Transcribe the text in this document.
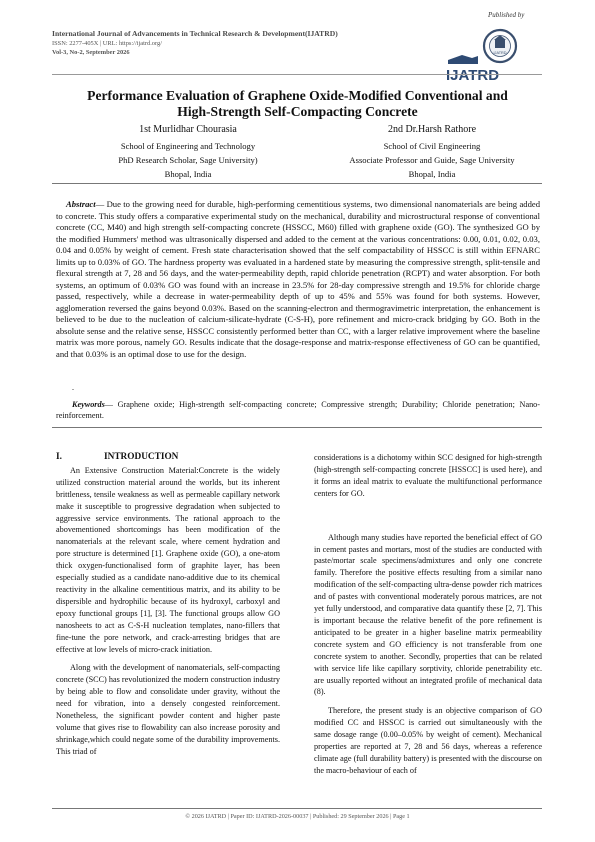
International Journal of Advancements in Technical Research & Development(IJATRD)
ISSN: 2277-405X | URL: https://ijatrd.org/
Vol-3, No-2, September 2026
Published by
IJATRD
IJATRD
Performance Evaluation of Graphene Oxide-Modified Conventional and
High-Strength Self-Compacting Concrete
1st Murlidhar Chourasia
School of Engineering and Technology
PhD Research Scholar, Sage University)
Bhopal, India
2nd Dr.Harsh Rathore
School of Civil Engineering
Associate Professor and Guide, Sage University
Bhopal, India
Abstract— Due to the growing need for durable, high-performing cementitious systems, two dimensional nanomaterials are being added to concrete. This study offers a comparative experimental study on the mechanical, durability and microstructural response of conventional concrete (CC, M40) and high strength self-compacting concrete (HSSCC, M60) filled with graphene oxide (GO). The synthesized GO by the modified Hummers' method was ultrasonically dispersed and added to the cement at the various concentrations: 0.00, 0.01, 0.02, 0.03, 0.04 and 0.05% by weight of cement. Fresh state characterisation showed that the self compactability of HSSCC is still within EFNARC limits up to 0.03% of GO. The hardness property was evaluated in a hardened state by measuring the compressive strength, split-tensile and flexural strength at 7, 28 and 56 days, and the water-permeability depth, rapid chloride penetration (RCPT) and water absorption. For both systems, an optimum of 0.03% GO was found with an increase in 23.5% for 28-day compressive strength and 19.5% for chloride charge passed, respectively, while a decrease in water-permeability depth of up to 45% and 55% was found for both systems. However, agglomeration reversed the gains beyond 0.03%. Based on the scanning-electron and thermogravimetric interpretation, the enhancement is believed to be due to the nucleation of calcium-silicate-hydrate (C-S-H), pore refinement and micro-crack bridging by GO. Both in the absolute sense and the relative sense, HSSCC consistently performed better than CC, with a larger relative improvement where the baseline matrix was more porous, namely GO. Results indicate that the dosage-response and matrix-response effectiveness of GO can be quantified, and that 0.03% is an optimal dose to use for the design.
.
Keywords— Graphene oxide; High-strength self-compacting concrete; Compressive strength; Durability; Chloride penetration; Nano-reinforcement.
I.	INTRODUCTION

An Extensive Construction Material:Concrete is the widely utilized construction material around the worlds, but its inherent brittleness, tensile weakness as well as permeable capillary network make it susceptible to progressive degradation when subjected to aggressive service environments. The rational approach to the abovementioned shortcomings has been modification of the nanomaterials at the relevant scale, where cement hydration and pore structure is determined [1]. Graphene oxide (GO), a one-atom thick oxygen-functionalised form of graphite layer, has been especially studied as a candidate nano-additive due to its chemical reactivity in the alkaline cementitious matrix, and its ability to be dispersible and hydrophilic because of its hydroxyl, carboxyl and epoxy functional groups [1], [3]. The functional groups allow GO nanosheets to act as C-S-H nucleation templates, nano-fillers that fine-tune the pore network, and crack-arresting bridges that are effective at low levels of micro-crack initiation.

Along with the development of nanomaterials, self-compacting concrete (SCC) has revolutionized the modern construction industry by being able to flow and consolidate under gravity, without the need for vibration, into a densely congested reinforcement. Nonetheless, the significant powder content and higher paste volume that gives rise to flowability can also increase porosity and shrinkage,which could negate some of the durability improvements. This triad of

considerations is a dichotomy within SCC designed for high-strength (high-strength self-compacting concrete [HSSCC] is used here), and it forms an ideal matrix to evaluate the multifunctional performance centers for GO.

Although many studies have reported the beneficial effect of GO in cement pastes and mortars, most of the studies are conducted with paste/mortar scale specimens/admixtures and only one concrete family. Therefore the positive effects resulting from a similar nano modification of the self-compacting ultra-dense powder rich matrices and of pastes with conventional moderately porous matrices, are not yet fully understood, and comparative data quantify these [2, 7]. This is important because the relative benefit of the pore refinement is anticipated to be greater in a higher baseline matrix permeability concrete system and GO efficiency is not transferable from one concrete system to another. Secondly, properties that can be related with service life like capillary sorptivity, chloride penetrability etc. are usually reported without an integrated profile of mechanical data (8).

Therefore, the present study is an objective comparison of GO modified CC and HSSCC is carried out simultaneously with the same dosage range (0.00–0.05% by weight of cement). Mechanical properties are reported at 7, 28 and 56 days, whereas a reference climate age (full durability battery) is presented with the discourse on the macro-behaviour of each of

© 2026 IJATRD | Paper ID: IJATRD-2026-00037 | Published: 29 September 2026 | Page 1
